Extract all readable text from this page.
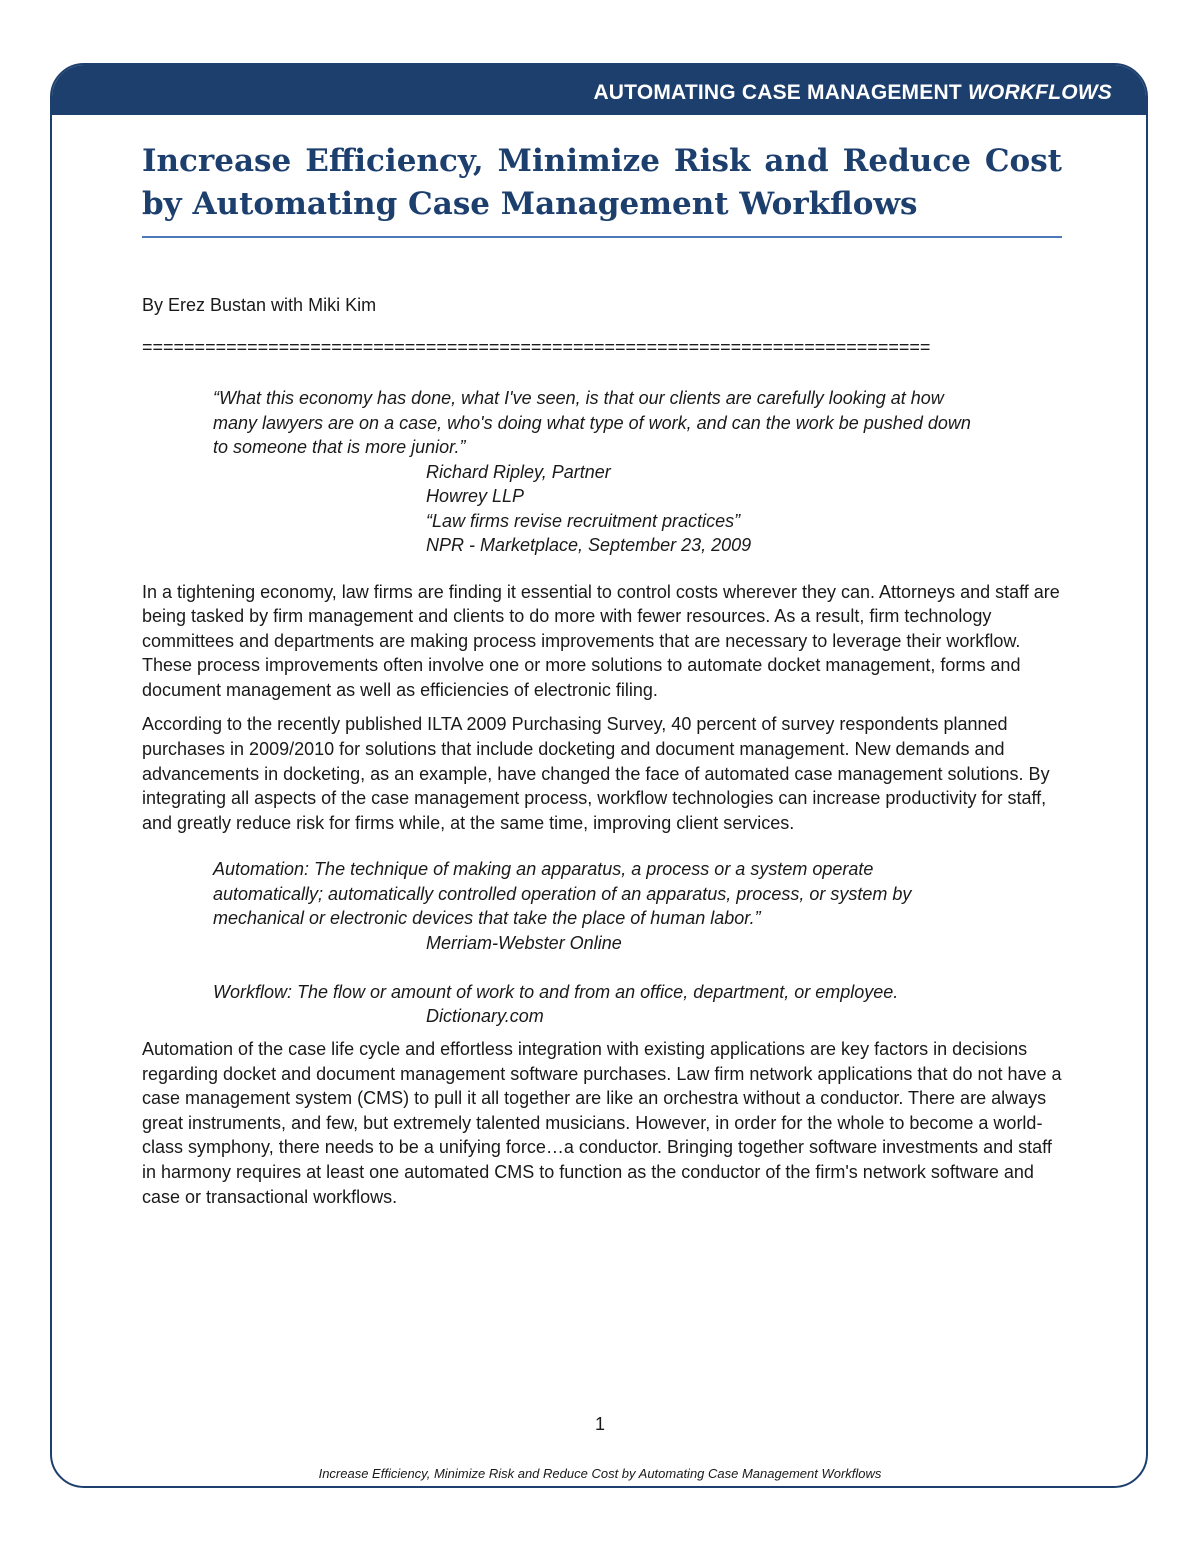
AUTOMATING CASE MANAGEMENT WORKFLOWS
Increase Efficiency, Minimize Risk and Reduce Cost by Automating Case Management Workflows
By Erez Bustan with Miki Kim
===========================================================================
“What this economy has done, what I've seen, is that our clients are carefully looking at how many lawyers are on a case, who's doing what type of work, and can the work be pushed down to someone that is more junior.”
Richard Ripley, Partner
Howrey LLP
“Law firms revise recruitment practices”
NPR - Marketplace, September 23, 2009

In a tightening economy, law firms are finding it essential to control costs wherever they can. Attorneys and staff are being tasked by firm management and clients to do more with fewer resources. As a result, firm technology committees and departments are making process improvements that are necessary to leverage their workflow. These process improvements often involve one or more solutions to automate docket management, forms and document management as well as efficiencies of electronic filing.

According to the recently published ILTA 2009 Purchasing Survey, 40 percent of survey respondents planned purchases in 2009/2010 for solutions that include docketing and document management. New demands and advancements in docketing, as an example, have changed the face of automated case management solutions. By integrating all aspects of the case management process, workflow technologies can increase productivity for staff, and greatly reduce risk for firms while, at the same time, improving client services.

Automation: The technique of making an apparatus, a process or a system operate automatically; automatically controlled operation of an apparatus, process, or system by mechanical or electronic devices that take the place of human labor.”
Merriam-Webster Online
Workflow: The flow or amount of work to and from an office, department, or employee.
Dictionary.com

Automation of the case life cycle and effortless integration with existing applications are key factors in decisions regarding docket and document management software purchases. Law firm network applications that do not have a case management system (CMS) to pull it all together are like an orchestra without a conductor. There are always great instruments, and few, but extremely talented musicians. However, in order for the whole to become a world-class symphony, there needs to be a unifying force…a conductor. Bringing together software investments and staff in harmony requires at least one automated CMS to function as the conductor of the firm's network software and case or transactional workflows.

1
Increase Efficiency, Minimize Risk and Reduce Cost by Automating Case Management Workflows
